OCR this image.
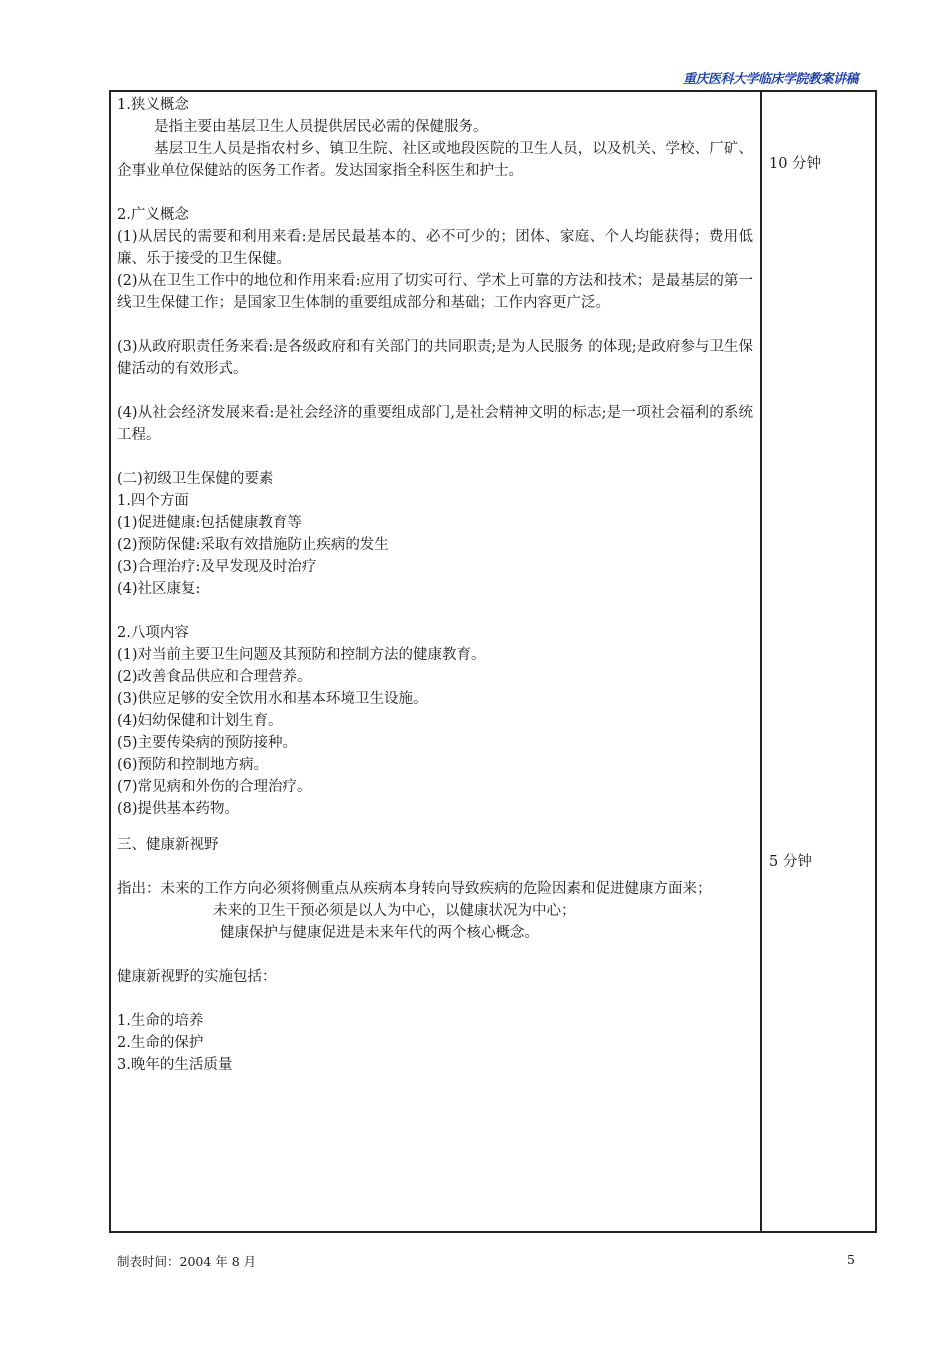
重庆医科大学临床学院教案讲稿
1.狭义概念
是指主要由基层卫生人员提供居民必需的保健服务。
基层卫生人员是指农村乡、镇卫生院、社区或地段医院的卫生人员，以及机关、学校、厂矿、企事业单位保健站的医务工作者。发达国家指全科医生和护士。
2.广义概念
(1)从居民的需要和利用来看:是居民最基本的、必不可少的；团体、家庭、个人均能获得；费用低廉、乐于接受的卫生保健。
(2)从在卫生工作中的地位和作用来看:应用了切实可行、学术上可靠的方法和技术；是最基层的第一线卫生保健工作；是国家卫生体制的重要组成部分和基础；工作内容更广泛。
(3)从政府职责任务来看:是各级政府和有关部门的共同职责;是为人民服务 的体现;是政府参与卫生保健活动的有效形式。
(4)从社会经济发展来看:是社会经济的重要组成部门,是社会精神文明的标志;是一项社会福利的系统工程。
(二)初级卫生保健的要素
1.四个方面
(1)促进健康:包括健康教育等
(2)预防保健:采取有效措施防止疾病的发生
(3)合理治疗:及早发现及时治疗
(4)社区康复:
2.八项内容
(1)对当前主要卫生问题及其预防和控制方法的健康教育。
(2)改善食品供应和合理营养。
(3)供应足够的安全饮用水和基本环境卫生设施。
(4)妇幼保健和计划生育。
(5)主要传染病的预防接种。
(6)预防和控制地方病。
(7)常见病和外伤的合理治疗。
(8)提供基本药物。
三、健康新视野
指出：未来的工作方向必须将侧重点从疾病本身转向导致疾病的危险因素和促进健康方面来；
未来的卫生干预必须是以人为中心，以健康状况为中心；
健康保护与健康促进是未来年代的两个核心概念。
健康新视野的实施包括：
1.生命的培养
2.生命的保护
3.晚年的生活质量
10 分钟
5 分钟
制表时间：2004 年 8 月	5
